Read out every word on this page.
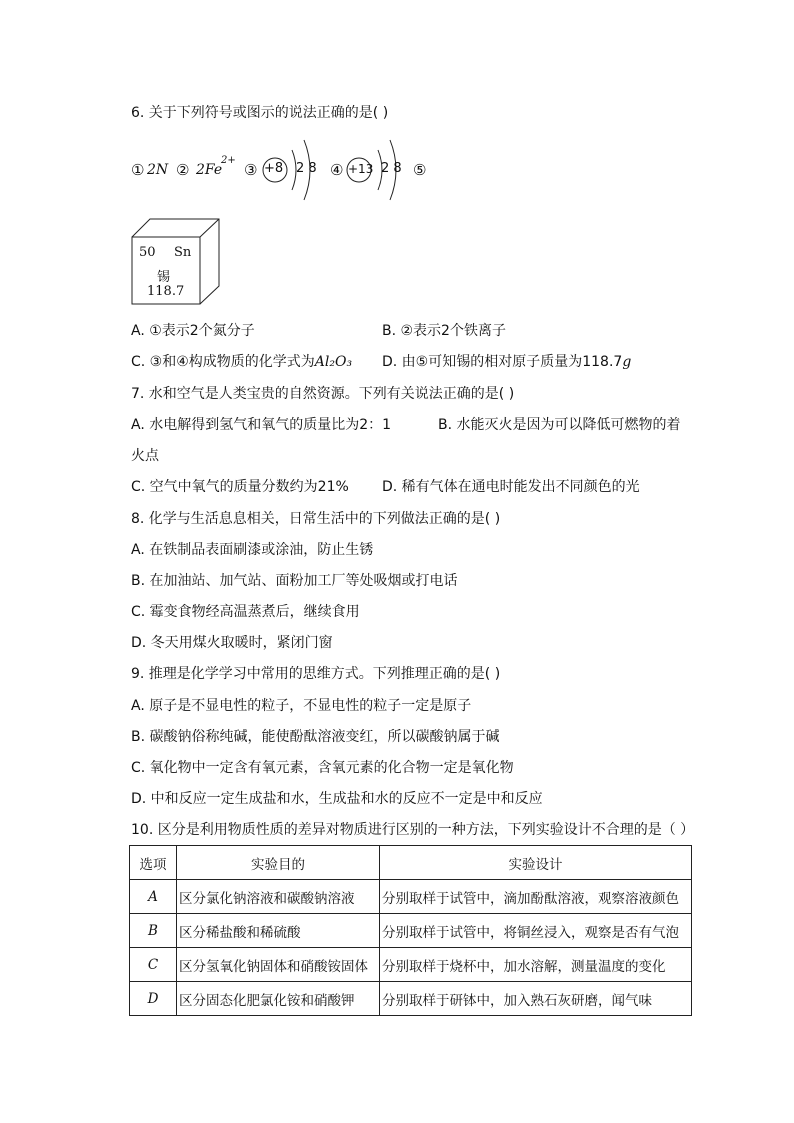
6. 关于下列符号或图示的说法正确的是( )
① 2N ② 2Fe
2+
③ +8 2 8 ④ +13 2 8 ⑤
50 Sn
锡
118.7
A. ①表示2个氮分子	B. ②表示2个铁离子
C. ③和④构成物质的化学式为Al₂O₃ D. 由⑤可知锡的相对原子质量为118.7g
7. 水和空气是人类宝贵的自然资源。下列有关说法正确的是( )
A. 水电解得到氢气和氧气的质量比为2：1	B. 水能灭火是因为可以降低可燃物的着
火点
C. 空气中氧气的质量分数约为21% D. 稀有气体在通电时能发出不同颜色的光
8. 化学与生活息息相关，日常生活中的下列做法正确的是( )
A. 在铁制品表面刷漆或涂油，防止生锈
B. 在加油站、加气站、面粉加工厂等处吸烟或打电话
C. 霉变食物经高温蒸煮后，继续食用
D. 冬天用煤火取暖时，紧闭门窗
9. 推理是化学学习中常用的思维方式。下列推理正确的是( )
A. 原子是不显电性的粒子，不显电性的粒子一定是原子
B. 碳酸钠俗称纯碱，能使酚酞溶液变红，所以碳酸钠属于碱
C. 氧化物中一定含有氧元素，含氧元素的化合物一定是氧化物
D. 中和反应一定生成盐和水，生成盐和水的反应不一定是中和反应
10. 区分是利用物质性质的差异对物质进行区别的一种方法，下列实验设计不合理的是（ ）
选项	实验目的	实验设计
A	区分氯化钠溶液和碳酸钠溶液	分别取样于试管中，滴加酚酞溶液，观察溶液颜色
B	区分稀盐酸和稀硫酸	分别取样于试管中，将铜丝浸入，观察是否有气泡
C	区分氢氧化钠固体和硝酸铵固体	分别取样于烧杯中，加水溶解，测量温度的变化
D	区分固态化肥氯化铵和硝酸钾	分别取样于研钵中，加入熟石灰研磨，闻气味
